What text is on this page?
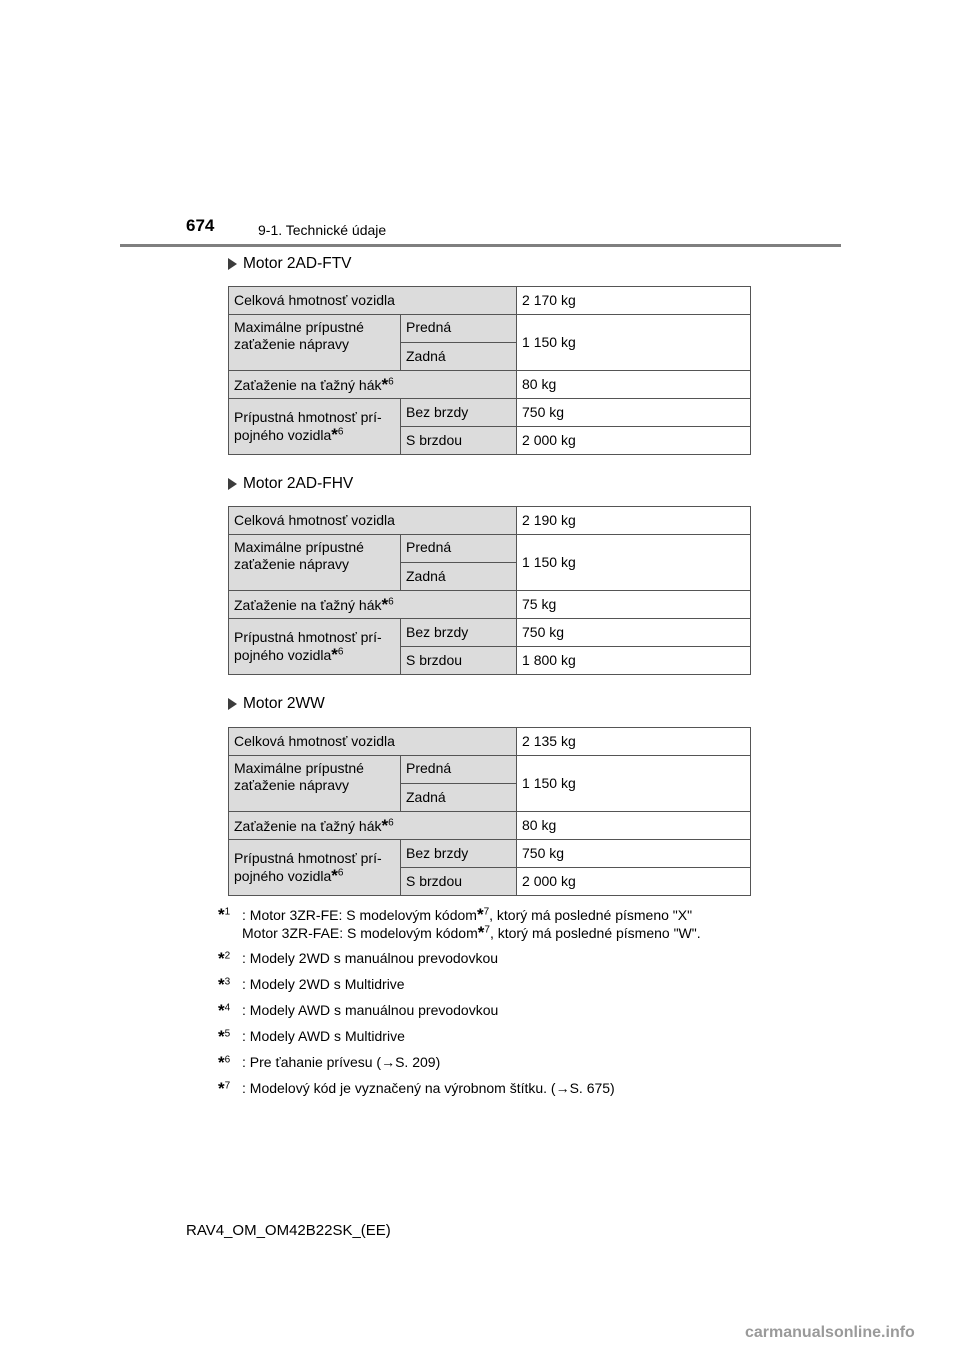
674	9-1. Technické údaje
Motor 2AD-FTV
Celková hmotnosť vozidla		2 170 kg
Maximálne prípustné zaťaženie nápravy	Predná	1 150 kg
	Zadná	
Zaťaženie na ťažný hák*$^6$		80 kg
Prípustná hmotnosť prí-pojného vozidla*$^6$	Bez brzdy	750 kg
	S brzdou	2 000 kg
Motor 2AD-FHV
Celková hmotnosť vozidla		2 190 kg
Maximálne prípustné zaťaženie nápravy	Predná	1 150 kg
	Zadná	
Zaťaženie na ťažný hák*$^6$		75 kg
Prípustná hmotnosť prí-pojného vozidla*$^6$	Bez brzdy	750 kg
	S brzdou	1 800 kg
Motor 2WW
Celková hmotnosť vozidla		2 135 kg
Maximálne prípustné zaťaženie nápravy	Predná	1 150 kg
	Zadná	
Zaťaženie na ťažný hák*$^6$		80 kg
Prípustná hmotnosť prí-pojného vozidla*$^6$	Bez brzdy	750 kg
	S brzdou	2 000 kg
*$^1$ : Motor 3ZR-FE: S modelovým kódom*$^7$, ktorý má posledné písmeno "X"
Motor 3ZR-FAE: S modelovým kódom*$^7$, ktorý má posledné písmeno "W".
*$^2$ : Modely 2WD s manuálnou prevodovkou
*$^3$ : Modely 2WD s Multidrive
*$^4$ : Modely AWD s manuálnou prevodovkou
*$^5$ : Modely AWD s Multidrive
*$^6$ : Pre ťahanie prívesu (→S. 209)
*$^7$ : Modelový kód je vyznačený na výrobnom štítku. (→S. 675)
RAV4_OM_OM42B22SK_(EE)
carmanualsonline.info
